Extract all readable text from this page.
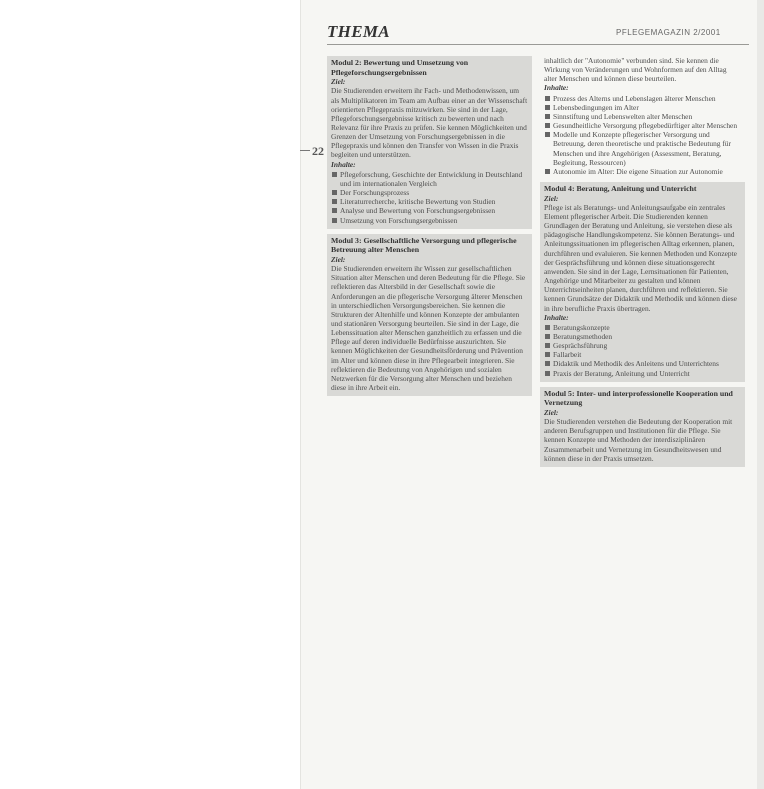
22
THEMA	PFLEGEMAGAZIN 2/2001
Modul 2: Bewertung und Umsetzung von Pflegeforschungsergebnissen
Ziel:

Die Studierenden erweitern ihr Fach- und Methodenwissen, um als Multiplikatoren im Team am Aufbau einer an der Wissenschaft orientierten Pflegepraxis mitzuwirken. Sie sind in der Lage, Pflegeforschungsergebnisse kritisch zu bewerten und nach Relevanz für ihre Praxis zu prüfen. Sie kennen Möglichkeiten und Grenzen der Umsetzung von Forschungsergebnissen in die Pflegepraxis und können den Transfer von Wissen in die Praxis begleiten und unterstützen.

Inhalte:
Pflegeforschung, Geschichte der Entwicklung in Deutschland und im internationalen Vergleich
Der Forschungsprozess
Literaturrecherche, kritische Bewertung von Studien
Analyse und Bewertung von Forschungsergebnissen
Umsetzung von Forschungsergebnissen
Modul 3: Gesellschaftliche Versorgung und pflegerische Betreuung alter Menschen
Ziel:

Die Studierenden erweitern ihr Wissen zur gesellschaftlichen Situation alter Menschen und deren Bedeutung für die Pflege. Sie reflektieren das Altersbild in der Gesellschaft sowie die Anforderungen an die pflegerische Versorgung älterer Menschen in unterschiedlichen Versorgungsbereichen. Sie kennen die Strukturen der Altenhilfe und können Konzepte der ambulanten und stationären Versorgung beurteilen. Sie sind in der Lage, die Lebenssituation alter Menschen ganzheitlich zu erfassen und die Pflege auf deren individuelle Bedürfnisse auszurichten. Sie kennen Möglichkeiten der Gesundheitsförderung und Prävention im Alter und können diese in ihre Pflegearbeit integrieren. Sie reflektieren die Bedeutung von Angehörigen und sozialen Netzwerken für die Versorgung alter Menschen und beziehen diese in ihre Arbeit ein.

inhaltlich der "Autonomie" verbunden sind. Sie kennen die Wirkung von Veränderungen und Wohnformen auf den Alltag alter Menschen und können diese beurteilen.

Inhalte:
Prozess des Alterns und Lebenslagen älterer Menschen
Lebensbedingungen im Alter
Sinnstiftung und Lebenswelten alter Menschen
Gesundheitliche Versorgung pflegebedürftiger alter Menschen
Modelle und Konzepte pflegerischer Versorgung und Betreuung, deren theoretische und praktische Bedeutung für Menschen und ihre Angehörigen (Assessment, Beratung, Begleitung, Ressourcen)
Autonomie im Alter: Die eigene Situation zur Autonomie
Modul 4: Beratung, Anleitung und Unterricht
Ziel:

Pflege ist als Beratungs- und Anleitungsaufgabe ein zentrales Element pflegerischer Arbeit. Die Studierenden kennen Grundlagen der Beratung und Anleitung, sie verstehen diese als pädagogische Handlungskompetenz. Sie können Beratungs- und Anleitungssituationen im pflegerischen Alltag erkennen, planen, durchführen und evaluieren. Sie kennen Methoden und Konzepte der Gesprächsführung und können diese situationsgerecht anwenden. Sie sind in der Lage, Lernsituationen für Patienten, Angehörige und Mitarbeiter zu gestalten und können Unterrichtseinheiten planen, durchführen und reflektieren. Sie kennen Grundsätze der Didaktik und Methodik und können diese in ihre berufliche Praxis übertragen.

Inhalte:
Beratungskonzepte
Beratungsmethoden
Gesprächsführung
Fallarbeit
Didaktik und Methodik des Anleitens und Unterrichtens
Praxis der Beratung, Anleitung und Unterricht
Modul 5: Inter- und interprofessionelle Kooperation und Vernetzung
Ziel:

Die Studierenden verstehen die Bedeutung der Kooperation mit anderen Berufsgruppen und Institutionen für die Pflege. Sie kennen Konzepte und Methoden der interdisziplinären Zusammenarbeit und Vernetzung im Gesundheitswesen und können diese in der Praxis umsetzen.
